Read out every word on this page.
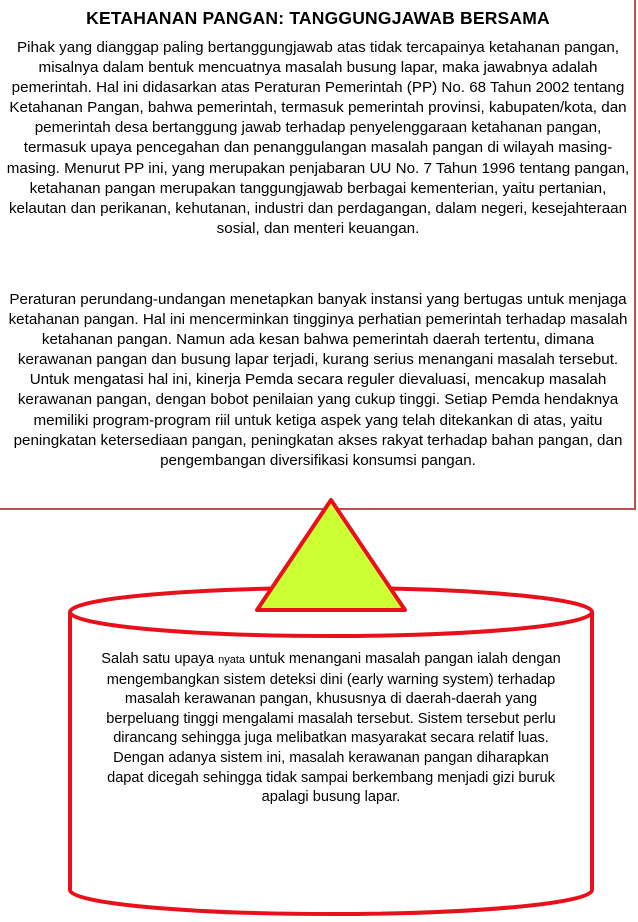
KETAHANAN PANGAN: TANGGUNGJAWAB BERSAMA

Pihak yang dianggap paling bertanggungjawab atas tidak tercapainya ketahanan pangan, misalnya dalam bentuk mencuatnya masalah busung lapar, maka jawabnya adalah pemerintah. Hal ini didasarkan atas Peraturan Pemerintah (PP) No. 68 Tahun 2002 tentang Ketahanan Pangan, bahwa pemerintah, termasuk pemerintah provinsi, kabupaten/kota, dan pemerintah desa bertanggung jawab terhadap penyelenggaraan ketahanan pangan, termasuk upaya pencegahan dan penanggulangan masalah pangan di wilayah masing-masing. Menurut PP ini, yang merupakan penjabaran UU No. 7 Tahun 1996 tentang pangan, ketahanan pangan merupakan tanggungjawab berbagai kementerian, yaitu pertanian, kelautan dan perikanan, kehutanan, industri dan perdagangan, dalam negeri, kesejahteraan sosial, dan menteri keuangan.

Peraturan perundang-undangan menetapkan banyak instansi yang bertugas untuk menjaga ketahanan pangan. Hal ini mencerminkan tingginya perhatian pemerintah terhadap masalah ketahanan pangan. Namun ada kesan bahwa pemerintah daerah tertentu, dimana kerawanan pangan dan busung lapar terjadi, kurang serius menangani masalah tersebut. Untuk mengatasi hal ini, kinerja Pemda secara reguler dievaluasi, mencakup masalah kerawanan pangan, dengan bobot penilaian yang cukup tinggi. Setiap Pemda hendaknya memiliki program-program riil untuk ketiga aspek yang telah ditekankan di atas, yaitu peningkatan ketersediaan pangan, peningkatan akses rakyat terhadap bahan pangan, dan pengembangan diversifikasi konsumsi pangan.

Salah satu upaya nyata untuk menangani masalah pangan ialah dengan mengembangkan sistem deteksi dini (early warning system) terhadap masalah kerawanan pangan, khususnya di daerah-daerah yang berpeluang tinggi mengalami masalah tersebut. Sistem tersebut perlu dirancang sehingga juga melibatkan masyarakat secara relatif luas. Dengan adanya sistem ini, masalah kerawanan pangan diharapkan dapat dicegah sehingga tidak sampai berkembang menjadi gizi buruk apalagi busung lapar.
